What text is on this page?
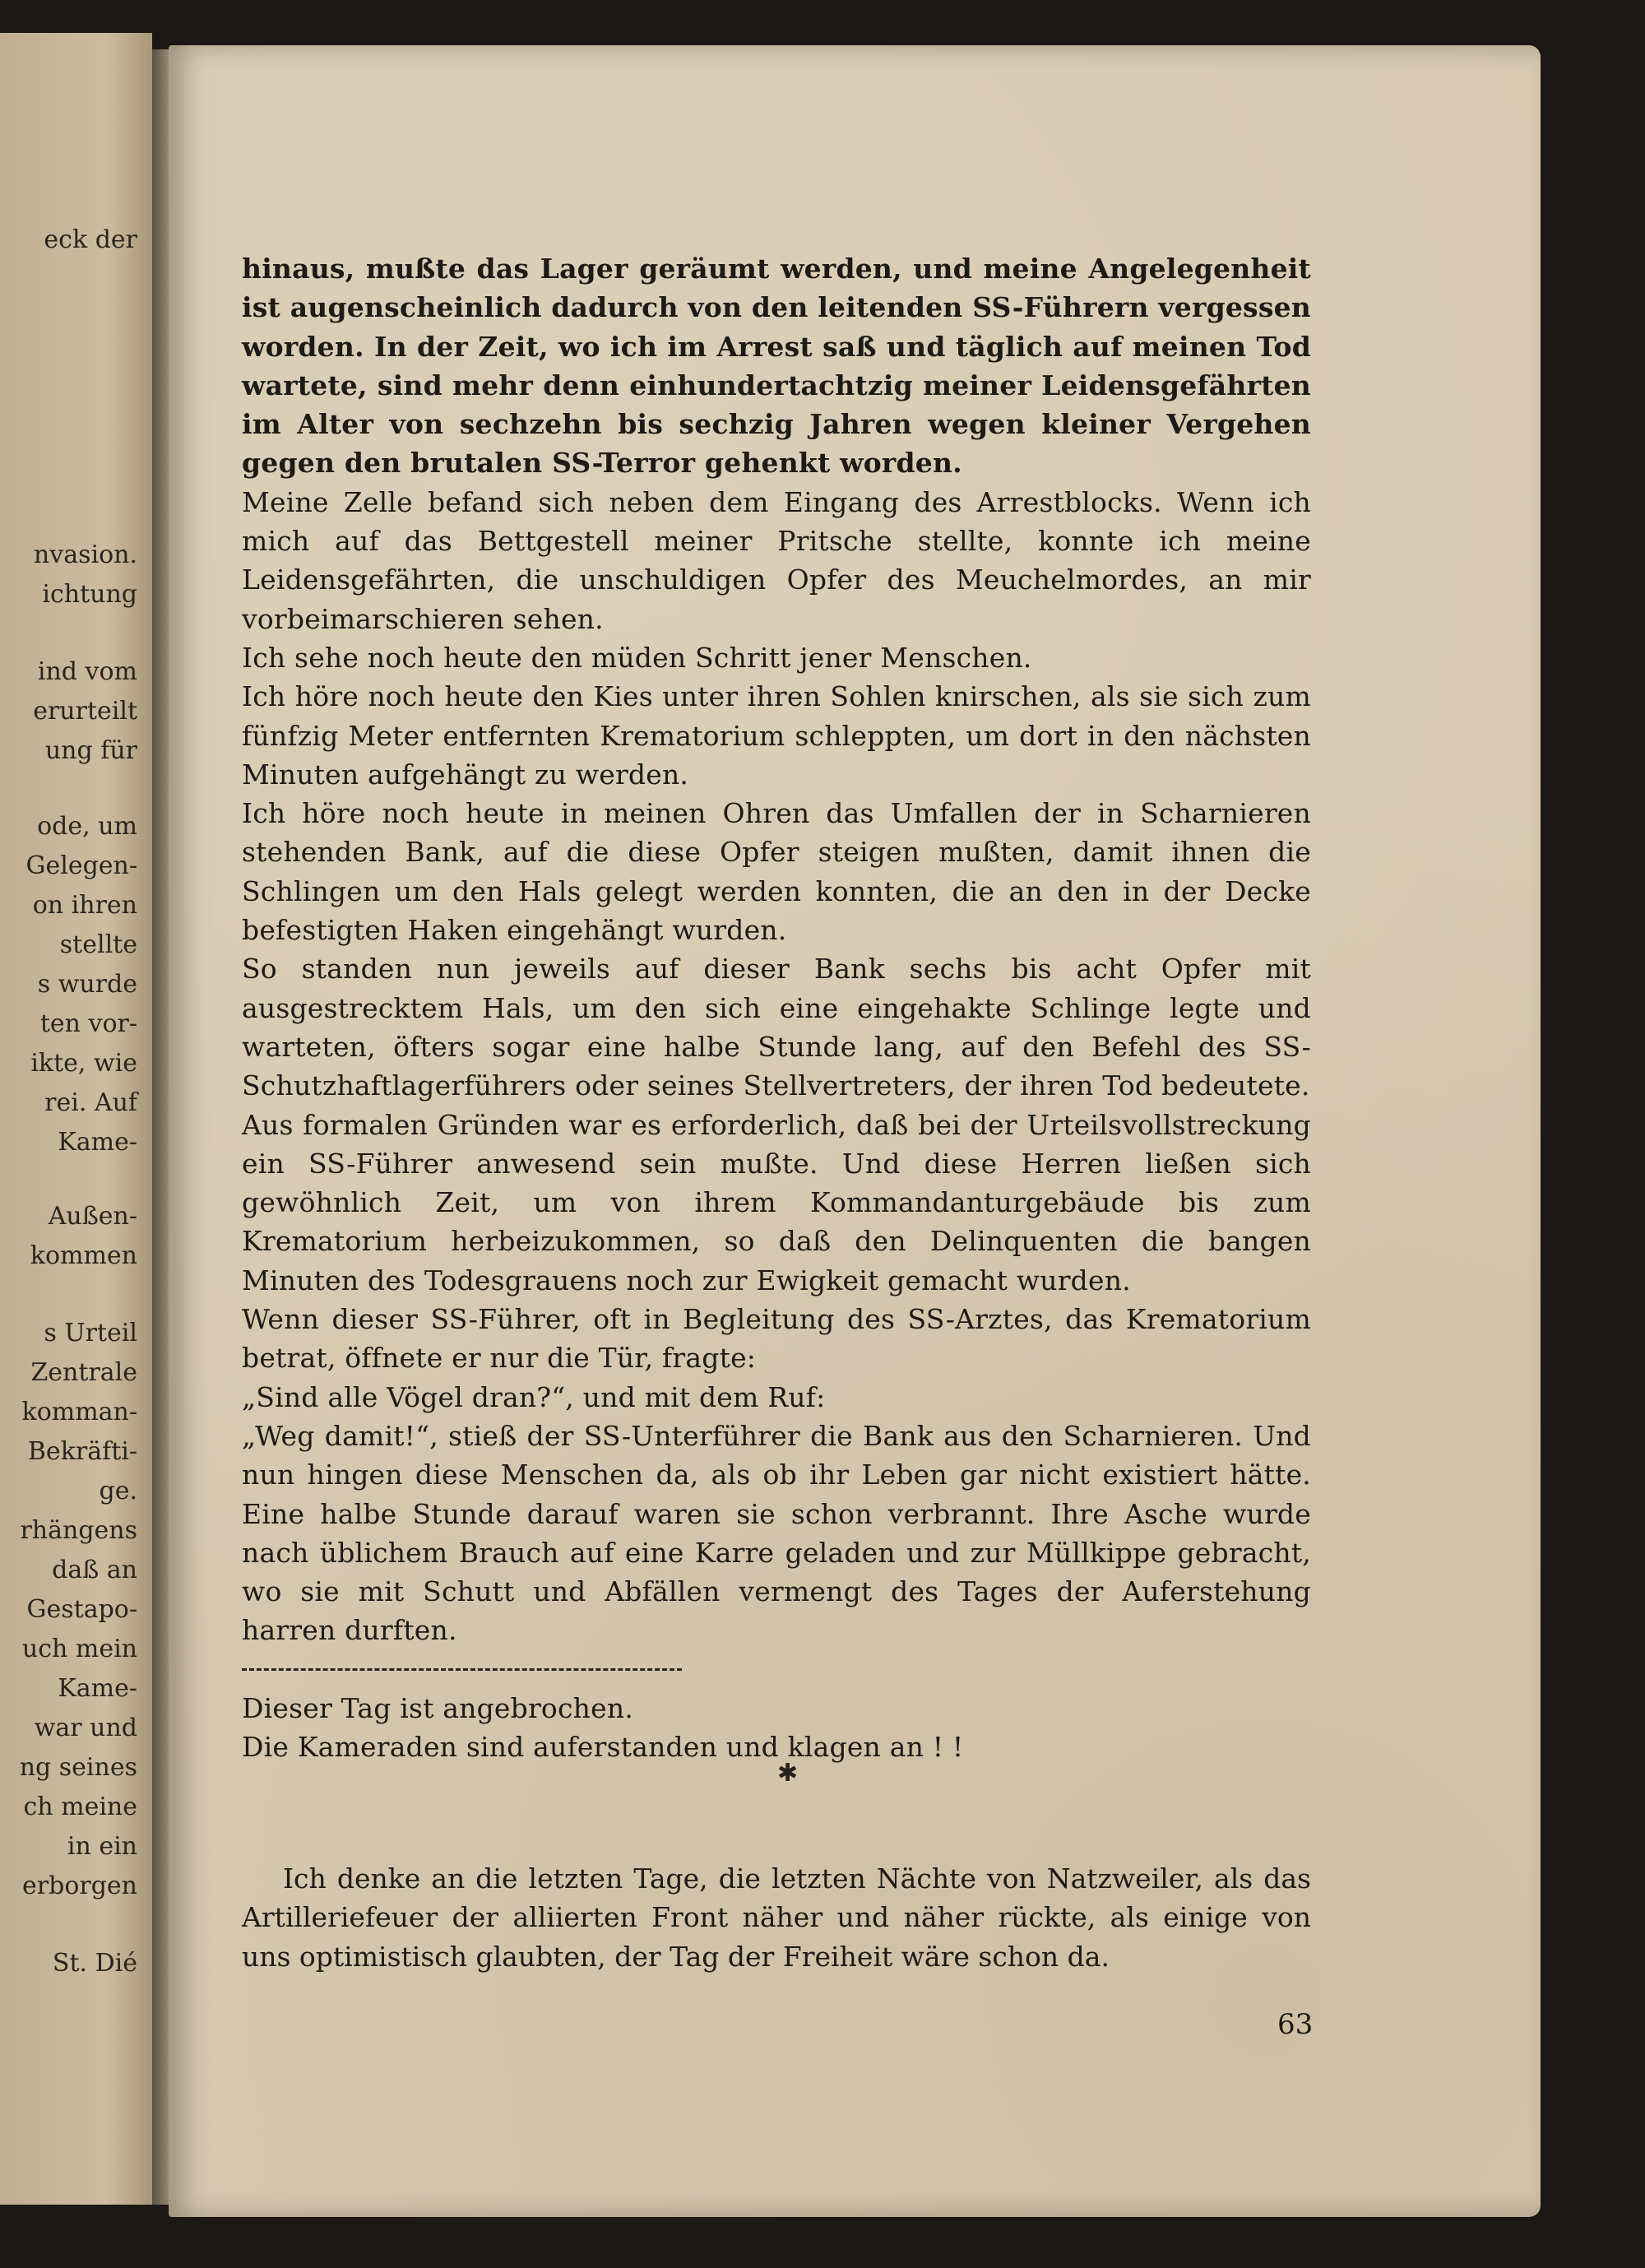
eck der
nvasion.
ichtung
ind vom
erurteilt
ung für
ode, um
Gelegen-
on ihren
stellte
s wurde
ten vor-
ikte, wie
rei. Auf
Kame-
Außen-
kommen
s Urteil
Zentrale
komman-
Bekräfti-
ge.
rhängens
daß an
Gestapo-
uch mein
Kame-
war und
ng seines
ch meine
in ein
erborgen
St. Dié

hinaus, mußte das Lager geräumt werden, und meine Angelegenheit ist augenscheinlich dadurch von den leitenden SS-Führern vergessen worden. In der Zeit, wo ich im Arrest saß und täglich auf meinen Tod wartete, sind mehr denn einhundertachtzig meiner Leidensgefährten im Alter von sechzehn bis sechzig Jahren wegen kleiner Vergehen gegen den brutalen SS-Terror gehenkt worden.

Meine Zelle befand sich neben dem Eingang des Arrestblocks. Wenn ich mich auf das Bettgestell meiner Pritsche stellte, konnte ich meine Leidensgefährten, die unschuldigen Opfer des Meuchelmordes, an mir vorbeimarschieren sehen.

Ich sehe noch heute den müden Schritt jener Menschen.

Ich höre noch heute den Kies unter ihren Sohlen knirschen, als sie sich zum fünfzig Meter entfernten Krematorium schleppten, um dort in den nächsten Minuten aufgehängt zu werden.

Ich höre noch heute in meinen Ohren das Umfallen der in Scharnieren stehenden Bank, auf die diese Opfer steigen mußten, damit ihnen die Schlingen um den Hals gelegt werden konnten, die an den in der Decke befestigten Haken eingehängt wurden.

So standen nun jeweils auf dieser Bank sechs bis acht Opfer mit ausgestrecktem Hals, um den sich eine eingehakte Schlinge legte und warteten, öfters sogar eine halbe Stunde lang, auf den Befehl des SS-Schutzhaftlagerführers oder seines Stellvertreters, der ihren Tod bedeutete.

Aus formalen Gründen war es erforderlich, daß bei der Urteilsvollstreckung ein SS-Führer anwesend sein mußte. Und diese Herren ließen sich gewöhnlich Zeit, um von ihrem Kommandanturgebäude bis zum Krematorium herbeizukommen, so daß den Delinquenten die bangen Minuten des Todesgrauens noch zur Ewigkeit gemacht wurden.

Wenn dieser SS-Führer, oft in Begleitung des SS-Arztes, das Krematorium betrat, öffnete er nur die Tür, fragte:

„Sind alle Vögel dran?“, und mit dem Ruf:

„Weg damit!“, stieß der SS-Unterführer die Bank aus den Scharnieren. Und nun hingen diese Menschen da, als ob ihr Leben gar nicht existiert hätte. Eine halbe Stunde darauf waren sie schon verbrannt. Ihre Asche wurde nach üblichem Brauch auf eine Karre geladen und zur Müllkippe gebracht, wo sie mit Schutt und Abfällen vermengt des Tages der Auferstehung harren durften.

Dieser Tag ist angebrochen.

Die Kameraden sind auferstanden und klagen an ! !

✱

Ich denke an die letzten Tage, die letzten Nächte von Natzweiler, als das Artilleriefeuer der alliierten Front näher und näher rückte, als einige von uns optimistisch glaubten, der Tag der Freiheit wäre schon da.

63
